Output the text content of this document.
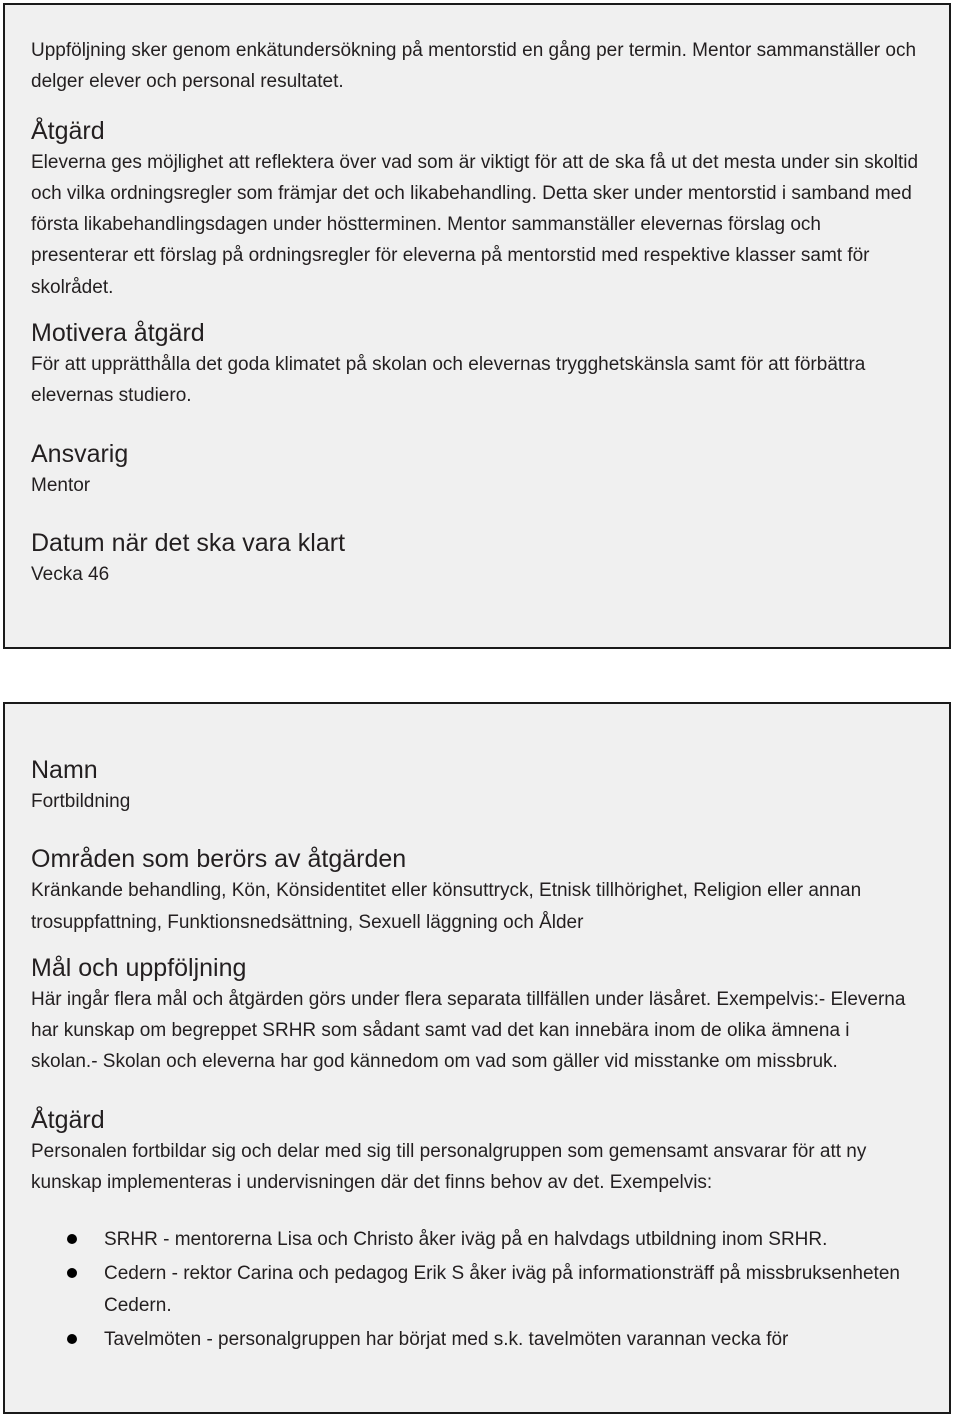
Uppföljning sker genom enkätundersökning på mentorstid en gång per termin. Mentor sammanställer och delger elever och personal resultatet.

Åtgärd

Eleverna ges möjlighet att reflektera över vad som är viktigt för att de ska få ut det mesta under sin skoltid och vilka ordningsregler som främjar det och likabehandling. Detta sker under mentorstid i samband med första likabehandlingsdagen under höstterminen. Mentor sammanställer elevernas förslag och presenterar ett förslag på ordningsregler för eleverna på mentorstid med respektive klasser samt för skolrådet.

Motivera åtgärd

För att upprätthålla det goda klimatet på skolan och elevernas trygghetskänsla samt för att förbättra elevernas studiero.

Ansvarig

Mentor

Datum när det ska vara klart

Vecka 46

Namn

Fortbildning

Områden som berörs av åtgärden

Kränkande behandling, Kön, Könsidentitet eller könsuttryck, Etnisk tillhörighet, Religion eller annan trosuppfattning, Funktionsnedsättning, Sexuell läggning och Ålder

Mål och uppföljning

Här ingår flera mål och åtgärden görs under flera separata tillfällen under läsåret. Exempelvis:- Eleverna har kunskap om begreppet SRHR som sådant samt vad det kan innebära inom de olika ämnena i skolan.- Skolan och eleverna har god kännedom om vad som gäller vid misstanke om missbruk.

Åtgärd

Personalen fortbildar sig och delar med sig till personalgruppen som gemensamt ansvarar för att ny kunskap implementeras i undervisningen där det finns behov av det. Exempelvis:

SRHR - mentorerna Lisa och Christo åker iväg på en halvdags utbildning inom SRHR.
Cedern - rektor Carina och pedagog Erik S åker iväg på informationsträff på missbruksenheten Cedern.
Tavelmöten - personalgruppen har börjat med s.k. tavelmöten varannan vecka för
